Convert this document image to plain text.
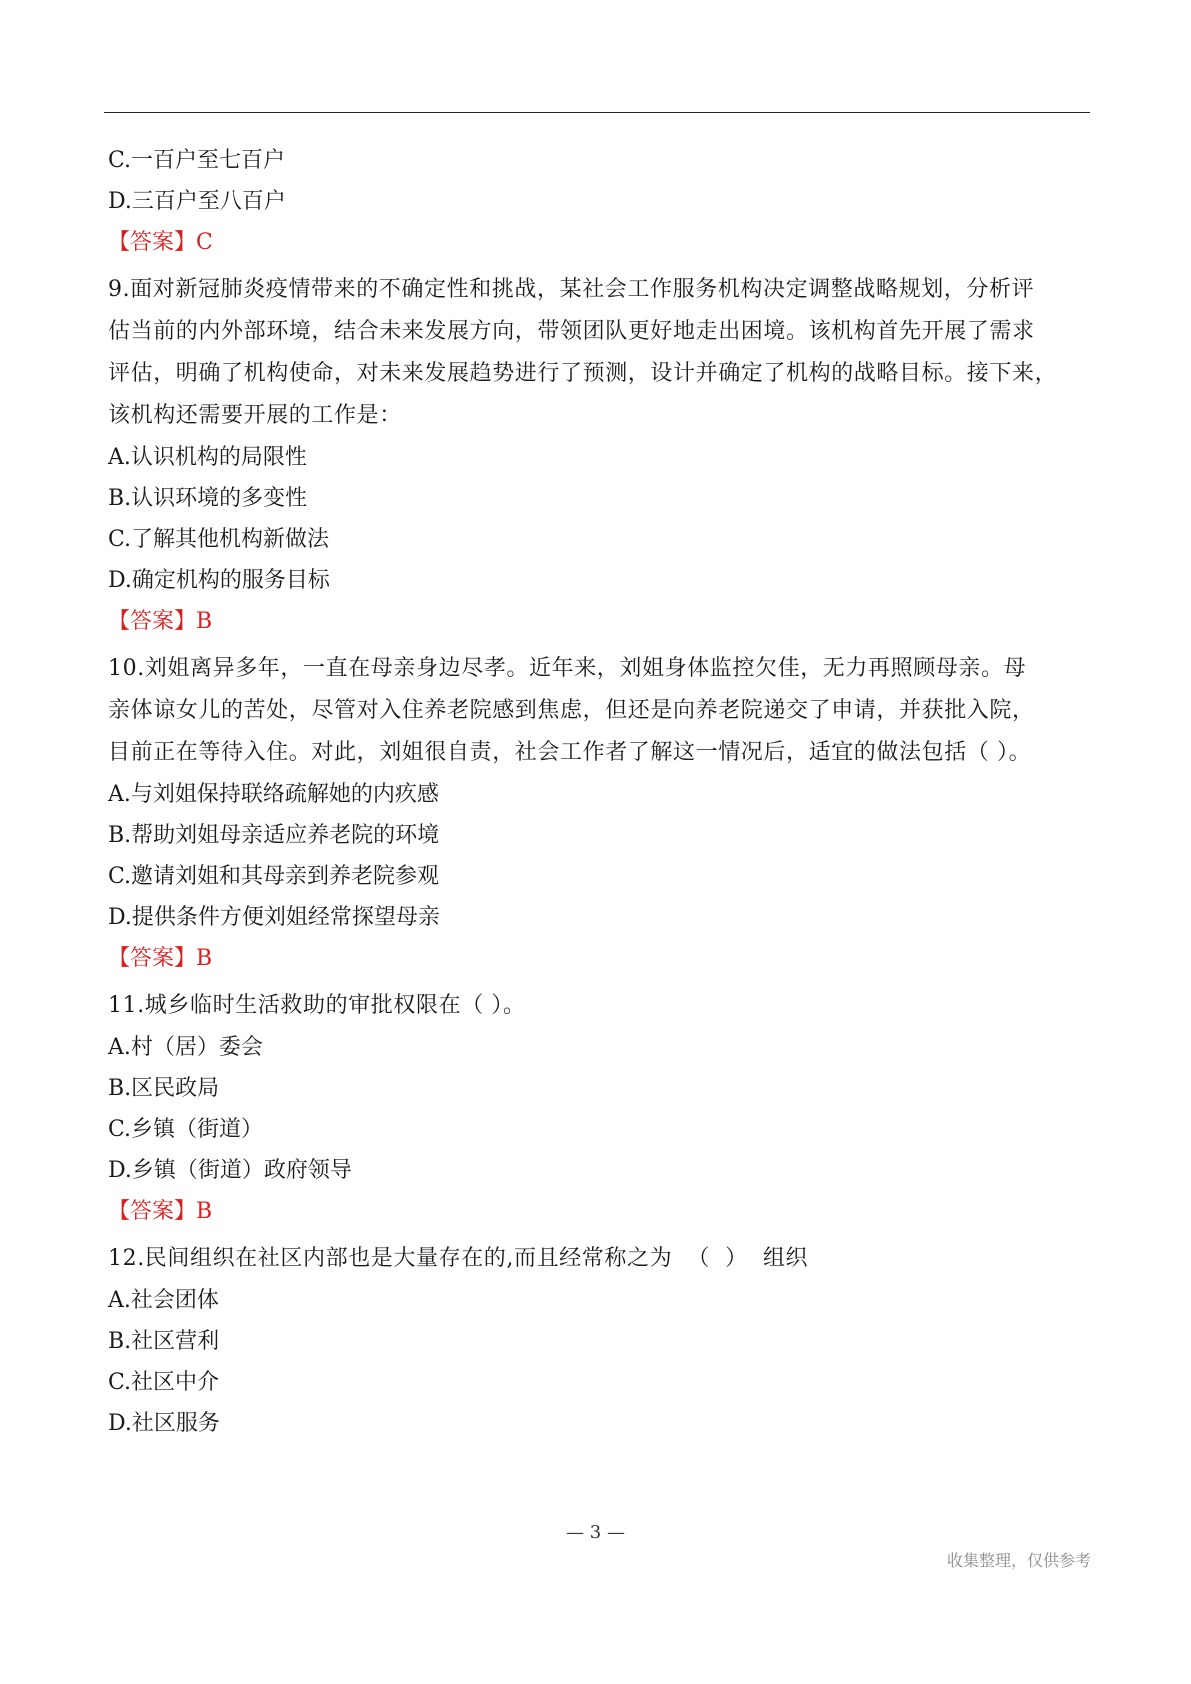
C.一百户至七百户
D.三百户至八百户
【答案】C
9.面对新冠肺炎疫情带来的不确定性和挑战，某社会工作服务机构决定调整战略规划，分析评
估当前的内外部环境，结合未来发展方向，带领团队更好地走出困境。该机构首先开展了需求
评估，明确了机构使命，对未来发展趋势进行了预测，设计并确定了机构的战略目标。接下来，
该机构还需要开展的工作是：
A.认识机构的局限性
B.认识环境的多变性
C.了解其他机构新做法
D.确定机构的服务目标
【答案】B
10.刘姐离异多年，一直在母亲身边尽孝。近年来，刘姐身体监控欠佳，无力再照顾母亲。母
亲体谅女儿的苦处，尽管对入住养老院感到焦虑，但还是向养老院递交了申请，并获批入院，
目前正在等待入住。对此，刘姐很自责，社会工作者了解这一情况后，适宜的做法包括（ ）。
A.与刘姐保持联络疏解她的内疚感
B.帮助刘姐母亲适应养老院的环境
C.邀请刘姐和其母亲到养老院参观
D.提供条件方便刘姐经常探望母亲
【答案】B
11.城乡临时生活救助的审批权限在（ ）。
A.村（居）委会
B.区民政局
C.乡镇（街道）
D.乡镇（街道）政府领导
【答案】B
12.民间组织在社区内部也是大量存在的,而且经常称之为  （  ）  组织
A.社会团体
B.社区营利
C.社区中介
D.社区服务
— 3 —
收集整理，仅供参考
